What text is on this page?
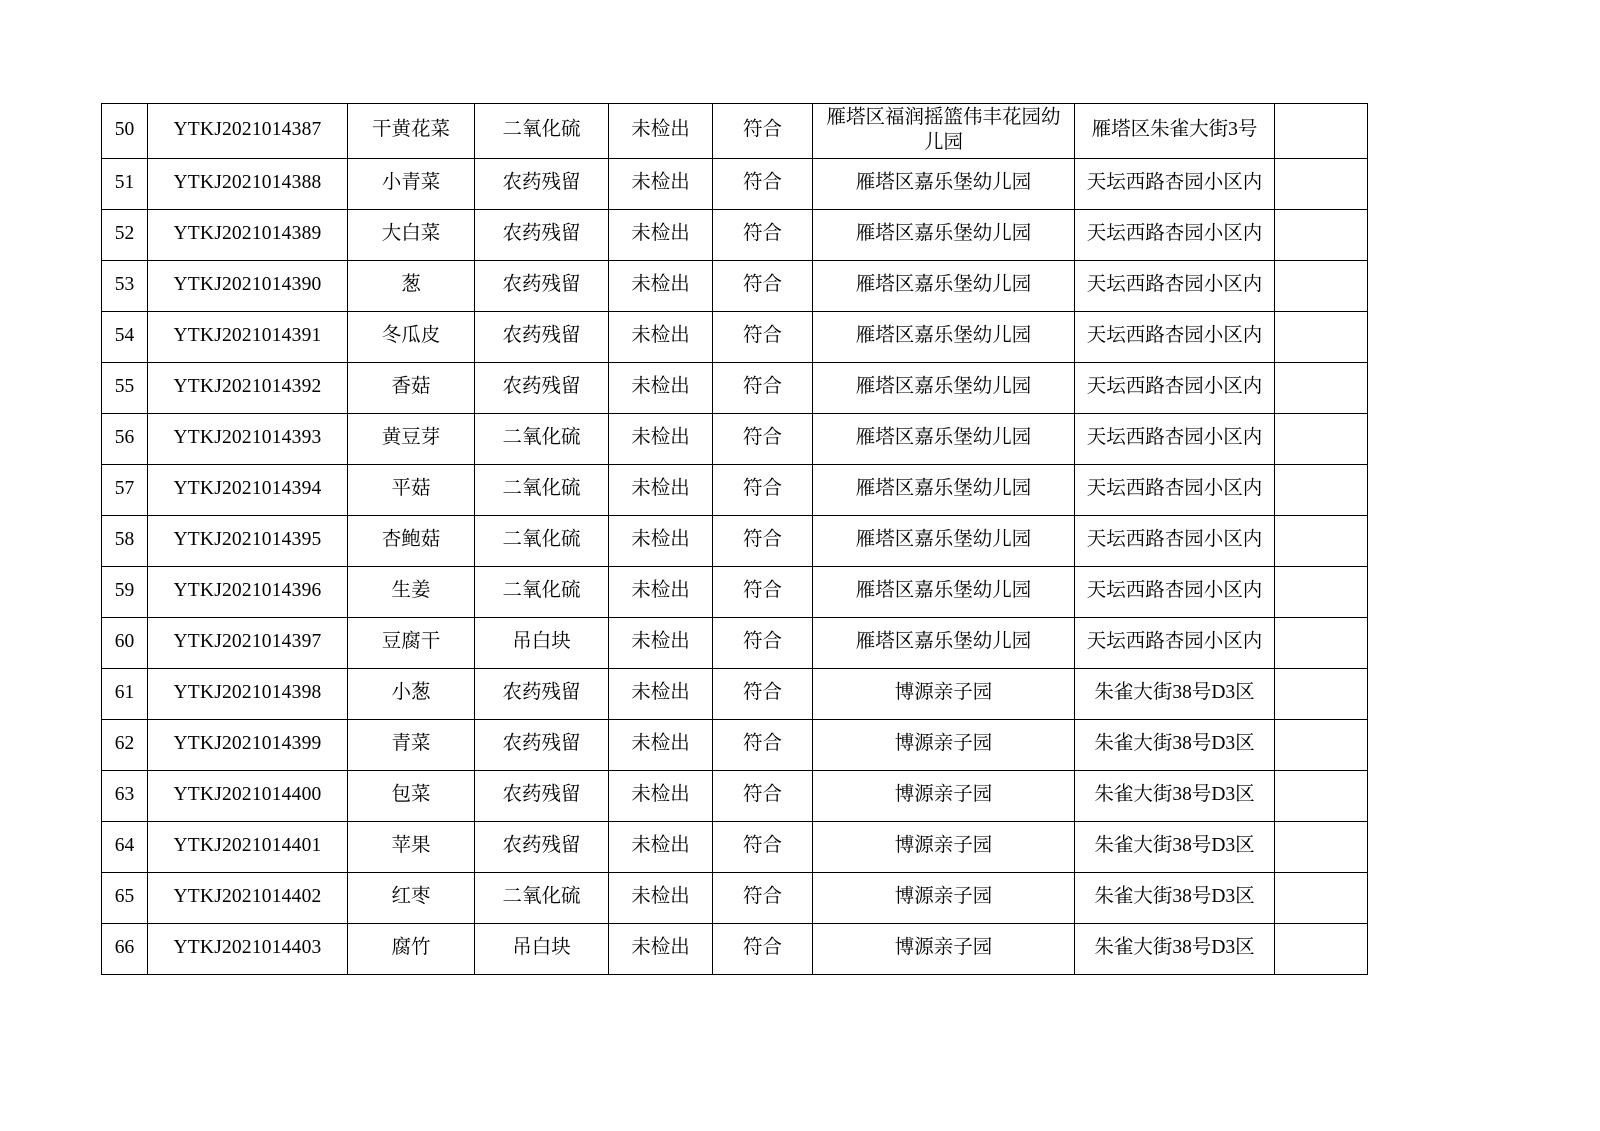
50	YTKJ2021014387	干黄花菜	二氧化硫	未检出	符合	雁塔区福润摇篮伟丰花园幼儿园	雁塔区朱雀大街3号	
51	YTKJ2021014388	小青菜	农药残留	未检出	符合	雁塔区嘉乐堡幼儿园	天坛西路杏园小区内	
52	YTKJ2021014389	大白菜	农药残留	未检出	符合	雁塔区嘉乐堡幼儿园	天坛西路杏园小区内	
53	YTKJ2021014390	葱	农药残留	未检出	符合	雁塔区嘉乐堡幼儿园	天坛西路杏园小区内	
54	YTKJ2021014391	冬瓜皮	农药残留	未检出	符合	雁塔区嘉乐堡幼儿园	天坛西路杏园小区内	
55	YTKJ2021014392	香菇	农药残留	未检出	符合	雁塔区嘉乐堡幼儿园	天坛西路杏园小区内	
56	YTKJ2021014393	黄豆芽	二氧化硫	未检出	符合	雁塔区嘉乐堡幼儿园	天坛西路杏园小区内	
57	YTKJ2021014394	平菇	二氧化硫	未检出	符合	雁塔区嘉乐堡幼儿园	天坛西路杏园小区内	
58	YTKJ2021014395	杏鲍菇	二氧化硫	未检出	符合	雁塔区嘉乐堡幼儿园	天坛西路杏园小区内	
59	YTKJ2021014396	生姜	二氧化硫	未检出	符合	雁塔区嘉乐堡幼儿园	天坛西路杏园小区内	
60	YTKJ2021014397	豆腐干	吊白块	未检出	符合	雁塔区嘉乐堡幼儿园	天坛西路杏园小区内	
61	YTKJ2021014398	小葱	农药残留	未检出	符合	博源亲子园	朱雀大街38号D3区	
62	YTKJ2021014399	青菜	农药残留	未检出	符合	博源亲子园	朱雀大街38号D3区	
63	YTKJ2021014400	包菜	农药残留	未检出	符合	博源亲子园	朱雀大街38号D3区	
64	YTKJ2021014401	苹果	农药残留	未检出	符合	博源亲子园	朱雀大街38号D3区	
65	YTKJ2021014402	红枣	二氧化硫	未检出	符合	博源亲子园	朱雀大街38号D3区	
66	YTKJ2021014403	腐竹	吊白块	未检出	符合	博源亲子园	朱雀大街38号D3区	
